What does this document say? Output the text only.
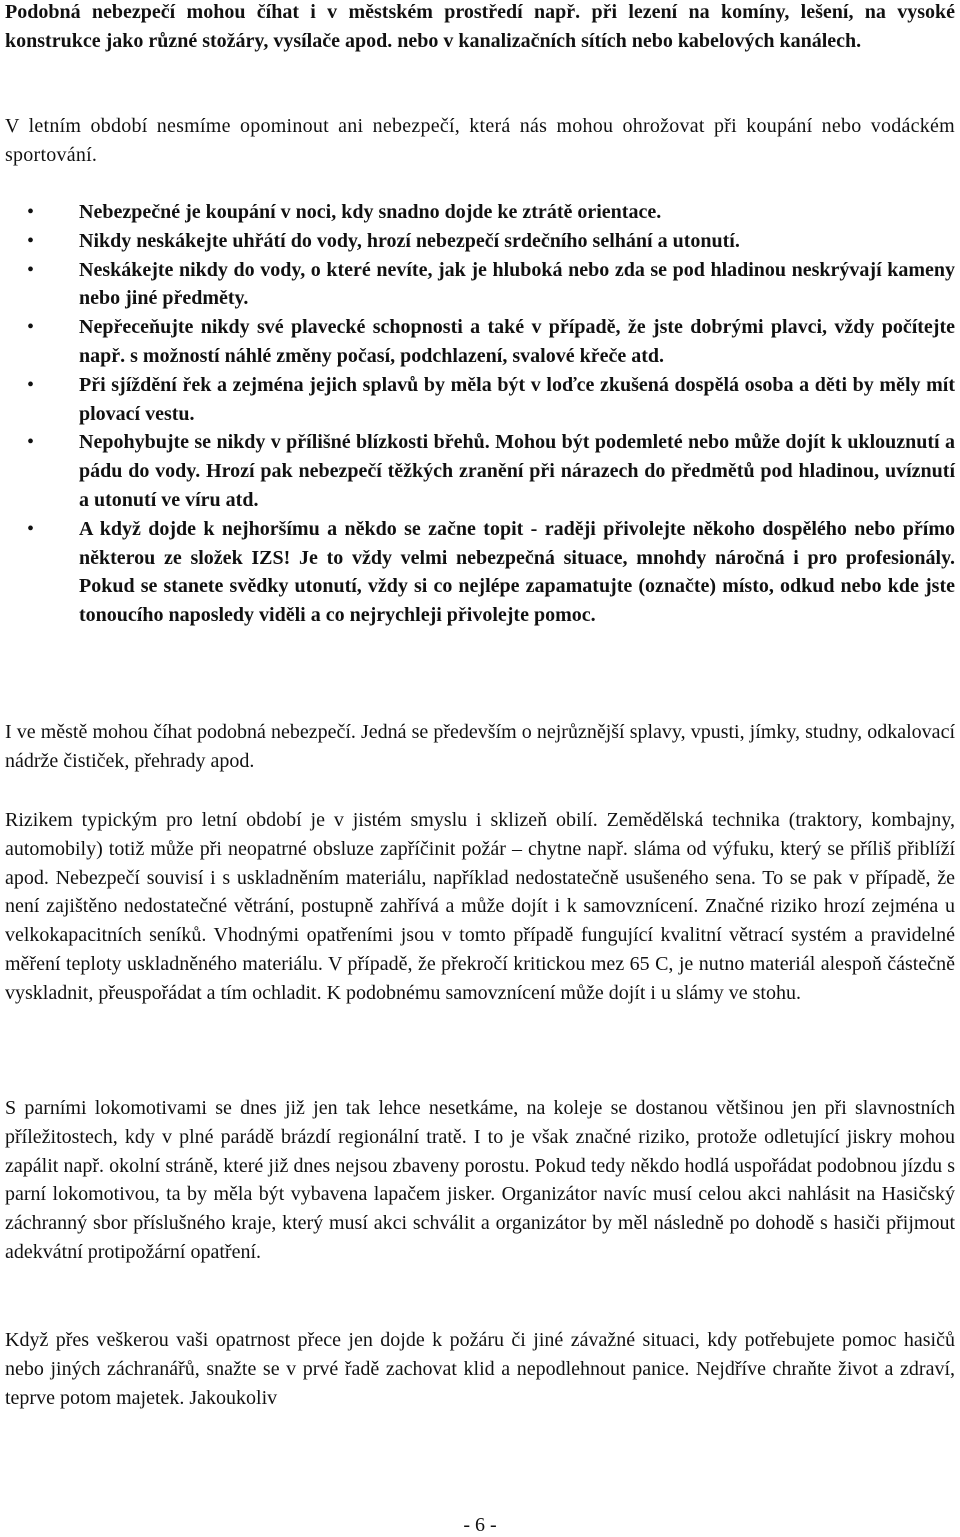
Podobná nebezpečí mohou číhat i v městském prostředí např. při lezení na komíny, lešení, na vysoké konstrukce jako různé stožáry, vysílače apod. nebo v kanalizačních sítích nebo kabelových kanálech.

V letním období nesmíme opominout ani nebezpečí, která nás mohou ohrožovat při koupání nebo vodáckém sportování.

• Nebezpečné je koupání v noci, kdy snadno dojde ke ztrátě orientace.
• Nikdy neskákejte uhřátí do vody, hrozí nebezpečí srdečního selhání a utonutí.
• Neskákejte nikdy do vody, o které nevíte, jak je hluboká nebo zda se pod hladinou neskrývají kameny nebo jiné předměty.
• Nepřeceňujte nikdy své plavecké schopnosti a také v případě, že jste dobrými plavci, vždy počítejte např. s možností náhlé změny počasí, podchlazení, svalové křeče atd.
• Při sjíždění řek a zejména jejich splavů by měla být v loďce zkušená dospělá osoba a děti by měly mít plovací vestu.
• Nepohybujte se nikdy v přílišné blízkosti břehů. Mohou být podemleté nebo může dojít k uklouznutí a pádu do vody. Hrozí pak nebezpečí těžkých zranění při nárazech do předmětů pod hladinou, uvíznutí a utonutí ve víru atd.
• A když dojde k nejhoršímu a někdo se začne topit - raději přivolejte někoho dospělého nebo přímo některou ze složek IZS! Je to vždy velmi nebezpečná situace, mnohdy náročná i pro profesionály. Pokud se stanete svědky utonutí, vždy si co nejlépe zapamatujte (označte) místo, odkud nebo kde jste tonoucího naposledy viděli a co nejrychleji přivolejte pomoc.

I ve městě mohou číhat podobná nebezpečí. Jedná se především o nejrůznější splavy, vpusti, jímky, studny, odkalovací nádrže čističek, přehrady apod.

Rizikem typickým pro letní období je v jistém smyslu i sklizeň obilí. Zemědělská technika (traktory, kombajny, automobily) totiž může při neopatrné obsluze zapříčinit požár – chytne např. sláma od výfuku, který se příliš přiblíží apod. Nebezpečí souvisí i s uskladněním materiálu, například nedostatečně usušeného sena. To se pak v případě, že není zajištěno nedostatečné větrání, postupně zahřívá a může dojít i k samovznícení. Značné riziko hrozí zejména u velkokapacitních seníků. Vhodnými opatřeními jsou v tomto případě fungující kvalitní větrací systém a pravidelné měření teploty uskladněného materiálu. V případě, že překročí kritickou mez 65 C, je nutno materiál alespoň částečně vyskladnit, přeuspořádat a tím ochladit. K podobnému samovznícení může dojít i u slámy ve stohu.

S parními lokomotivami se dnes již jen tak lehce nesetkáme, na koleje se dostanou většinou jen při slavnostních příležitostech, kdy v plné parádě brázdí regionální tratě. I to je však značné riziko, protože odletující jiskry mohou zapálit např. okolní stráně, které již dnes nejsou zbaveny porostu. Pokud tedy někdo hodlá uspořádat podobnou jízdu s parní lokomotivou, ta by měla být vybavena lapačem jisker. Organizátor navíc musí celou akci nahlásit na Hasičský záchranný sbor příslušného kraje, který musí akci schválit a organizátor by měl následně po dohodě s hasiči přijmout adekvátní protipožární opatření.

Když přes veškerou vaši opatrnost přece jen dojde k požáru či jiné závažné situaci, kdy potřebujete pomoc hasičů nebo jiných záchranářů, snažte se v prvé řadě zachovat klid a nepodlehnout panice. Nejdříve chraňte život a zdraví, teprve potom majetek. Jakoukoliv

- 6 -
